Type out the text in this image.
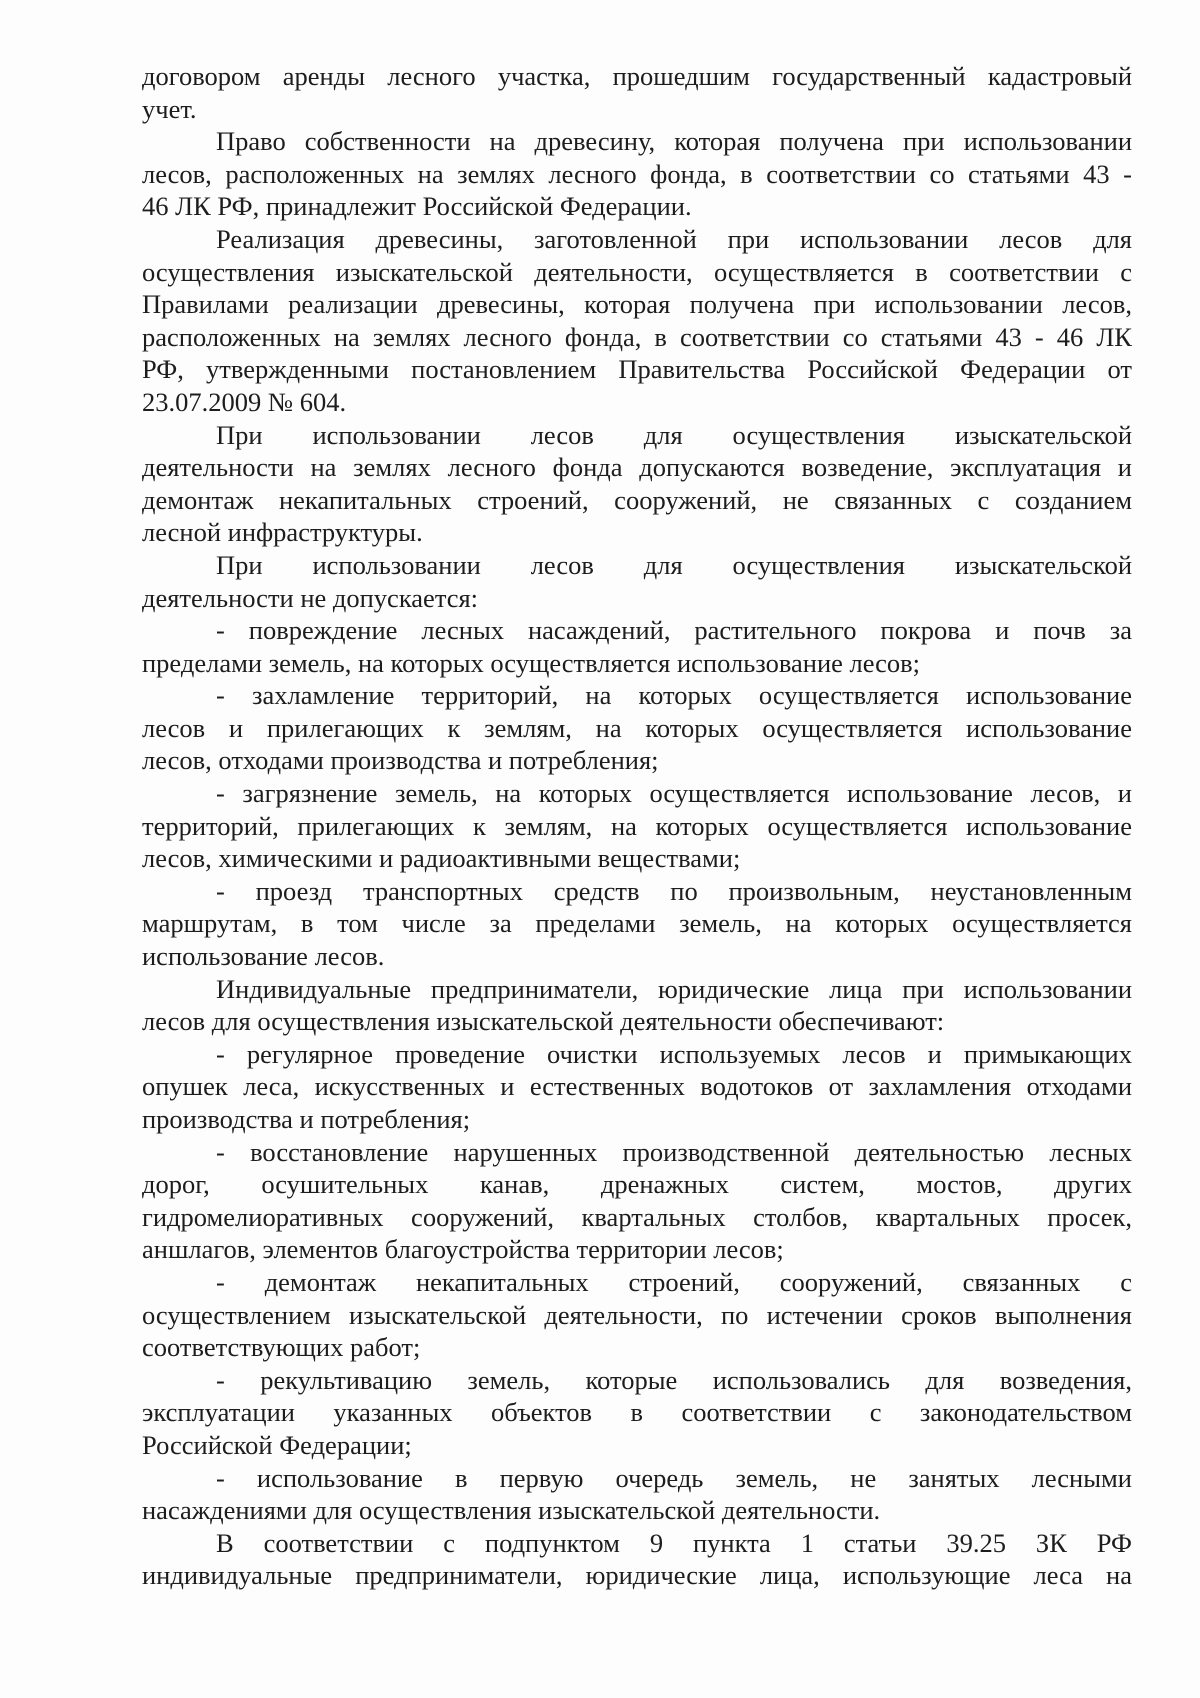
договором аренды лесного участка, прошедшим государственный кадастровый
учет.
Право собственности на древесину, которая получена при использовании
лесов, расположенных на землях лесного фонда, в соответствии со статьями 43 -
46 ЛК РФ, принадлежит Российской Федерации.
Реализация древесины, заготовленной при использовании лесов для
осуществления изыскательской деятельности, осуществляется в соответствии с
Правилами реализации древесины, которая получена при использовании лесов,
расположенных на землях лесного фонда, в соответствии со статьями 43 - 46 ЛК
РФ, утвержденными постановлением Правительства Российской Федерации от
23.07.2009 № 604.
При использовании лесов для осуществления изыскательской
деятельности на землях лесного фонда допускаются возведение, эксплуатация и
демонтаж некапитальных строений, сооружений, не связанных с созданием
лесной инфраструктуры.
При использовании лесов для осуществления изыскательской
деятельности не допускается:
- повреждение лесных насаждений, растительного покрова и почв за
пределами земель, на которых осуществляется использование лесов;
- захламление территорий, на которых осуществляется использование
лесов и прилегающих к землям, на которых осуществляется использование
лесов, отходами производства и потребления;
- загрязнение земель, на которых осуществляется использование лесов, и
территорий, прилегающих к землям, на которых осуществляется использование
лесов, химическими и радиоактивными веществами;
- проезд транспортных средств по произвольным, неустановленным
маршрутам, в том числе за пределами земель, на которых осуществляется
использование лесов.
Индивидуальные предприниматели, юридические лица при использовании
лесов для осуществления изыскательской деятельности обеспечивают:
- регулярное проведение очистки используемых лесов и примыкающих
опушек леса, искусственных и естественных водотоков от захламления отходами
производства и потребления;
- восстановление нарушенных производственной деятельностью лесных
дорог, осушительных канав, дренажных систем, мостов, других
гидромелиоративных сооружений, квартальных столбов, квартальных просек,
аншлагов, элементов благоустройства территории лесов;
- демонтаж некапитальных строений, сооружений, связанных с
осуществлением изыскательской деятельности, по истечении сроков выполнения
соответствующих работ;
- рекультивацию земель, которые использовались для возведения,
эксплуатации указанных объектов в соответствии с законодательством
Российской Федерации;
- использование в первую очередь земель, не занятых лесными
насаждениями для осуществления изыскательской деятельности.
В соответствии с подпунктом 9 пункта 1 статьи 39.25 ЗК РФ
индивидуальные предприниматели, юридические лица, использующие леса на
